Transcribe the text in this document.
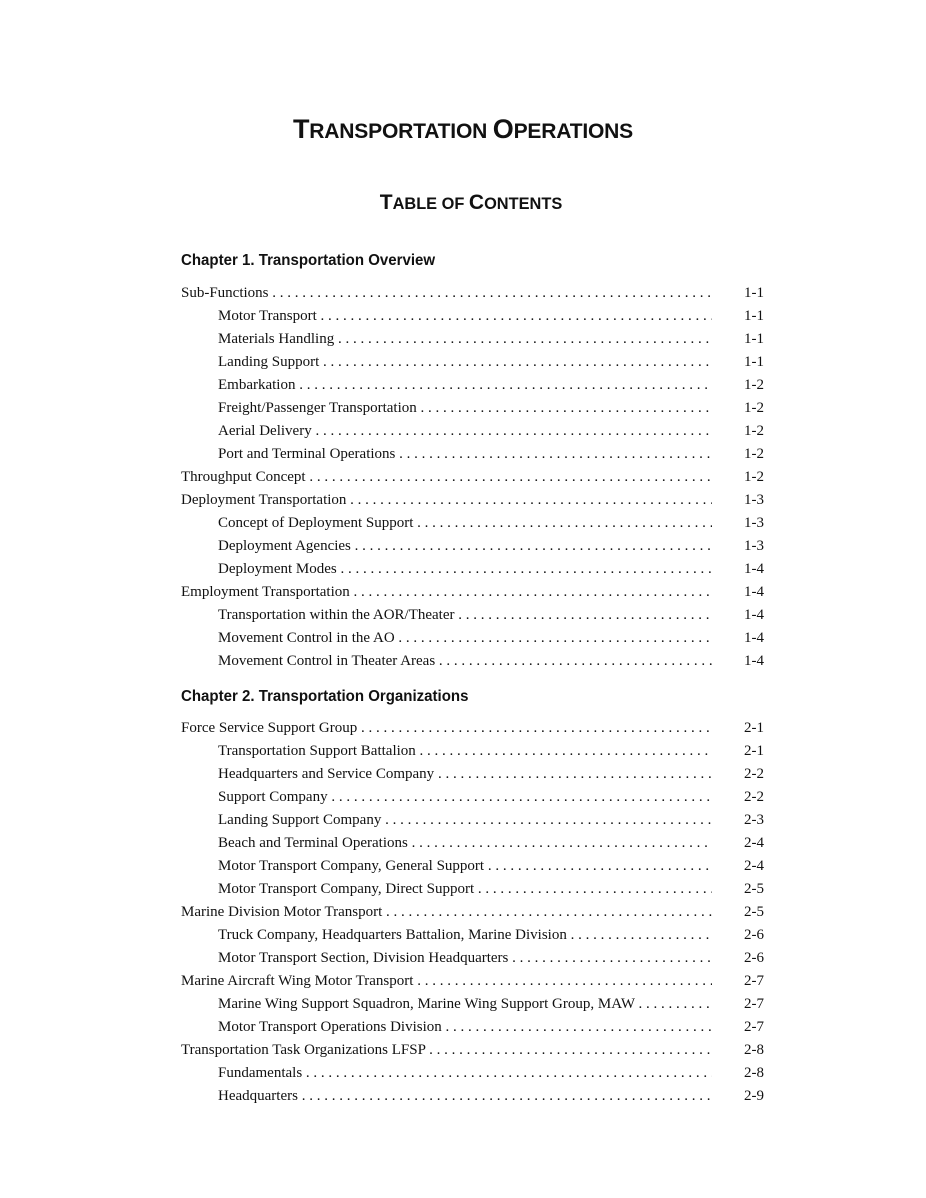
TRANSPORTATION OPERATIONS
TABLE OF CONTENTS
Chapter 1. Transportation Overview
Sub-Functions . . .	1-1
Motor Transport . . .	1-1
Materials Handling . . .	1-1
Landing Support . . .	1-1
Embarkation . . .	1-2
Freight/Passenger Transportation . . .	1-2
Aerial Delivery . . .	1-2
Port and Terminal Operations . . .	1-2
Throughput Concept . . .	1-2
Deployment Transportation . . .	1-3
Concept of Deployment Support . . .	1-3
Deployment Agencies . . .	1-3
Deployment Modes . . .	1-4
Employment Transportation . . .	1-4
Transportation within the AOR/Theater . . .	1-4
Movement Control in the AO . . .	1-4
Movement Control in Theater Areas . . .	1-4
Chapter 2. Transportation Organizations
Force Service Support Group . . .	2-1
Transportation Support Battalion . . .	2-1
Headquarters and Service Company . . .	2-2
Support Company . . .	2-2
Landing Support Company . . .	2-3
Beach and Terminal Operations . . .	2-4
Motor Transport Company, General Support . . .	2-4
Motor Transport Company, Direct Support . . .	2-5
Marine Division Motor Transport . . .	2-5
Truck Company, Headquarters Battalion, Marine Division . . .	2-6
Motor Transport Section, Division Headquarters . . .	2-6
Marine Aircraft Wing Motor Transport . . .	2-7
Marine Wing Support Squadron, Marine Wing Support Group, MAW . . .	2-7
Motor Transport Operations Division . . .	2-7
Transportation Task Organizations LFSP . . .	2-8
Fundamentals . . .	2-8
Headquarters . . .	2-9
